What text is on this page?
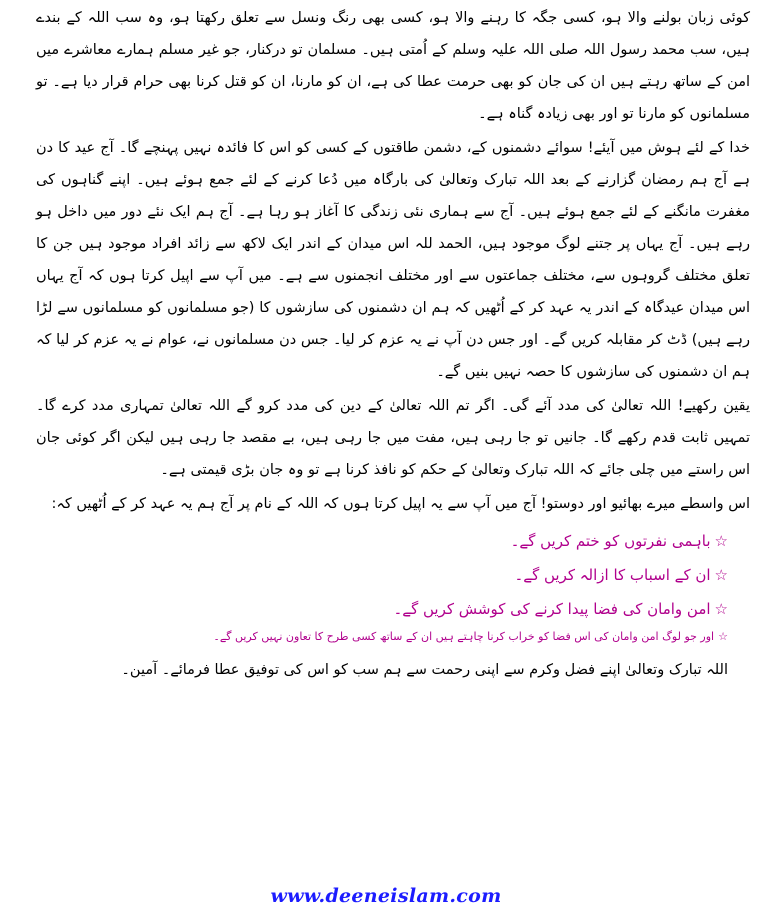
کوئی زبان بولنے والا ہو، کسی جگہ کا رہنے والا ہو، کسی بھی رنگ ونسل سے تعلق رکھتا ہو، وہ سب اللہ کے بندے ہیں، سب محمد رسول اللہ صلی اللہ علیہ وسلم کے اُمتی ہیں۔ مسلمان تو درکنار، جو غیر مسلم ہمارے معاشرے میں امن کے ساتھ رہتے ہیں ان کی جان کو بھی حرمت عطا کی ہے، ان کو مارنا، ان کو قتل کرنا بھی حرام قرار دیا ہے۔ تو مسلمانوں کو مارنا تو اور بھی زیادہ گناہ ہے۔

خدا کے لئے ہوش میں آیئے! سوائے دشمنوں کے، دشمن طاقتوں کے کسی کو اس کا فائدہ نہیں پہنچے گا۔ آج عید کا دن ہے آج ہم رمضان گزارنے کے بعد اللہ تبارک وتعالیٰ کی بارگاہ میں دُعا کرنے کے لئے جمع ہوئے ہیں۔ اپنے گناہوں کی مغفرت مانگنے کے لئے جمع ہوئے ہیں۔ آج سے ہماری نئی زندگی کا آغاز ہو رہا ہے۔ آج ہم ایک نئے دور میں داخل ہو رہے ہیں۔ آج یہاں پر جتنے لوگ موجود ہیں، الحمد للہ اس میدان کے اندر ایک لاکھ سے زائد افراد موجود ہیں جن کا تعلق مختلف گروہوں سے، مختلف جماعتوں سے اور مختلف انجمنوں سے ہے۔ میں آپ سے اپیل کرتا ہوں کہ آج یہاں اس میدان عیدگاہ کے اندر یہ عہد کر کے اُٹھیں کہ ہم ان دشمنوں کی سازشوں کا (جو مسلمانوں کو مسلمانوں سے لڑا رہے ہیں) ڈٹ کر مقابلہ کریں گے۔ اور جس دن آپ نے یہ عزم کر لیا۔ جس دن مسلمانوں نے، عوام نے یہ عزم کر لیا کہ ہم ان دشمنوں کی سازشوں کا حصہ نہیں بنیں گے۔

یقین رکھیے! اللہ تعالیٰ کی مدد آئے گی۔ اگر تم اللہ تعالیٰ کے دین کی مدد کرو گے اللہ تعالیٰ تمہاری مدد کرے گا۔ تمہیں ثابت قدم رکھے گا۔ جانیں تو جا رہی ہیں، مفت میں جا رہی ہیں، بے مقصد جا رہی ہیں لیکن اگر کوئی جان اس راستے میں چلی جائے کہ اللہ تبارک وتعالیٰ کے حکم کو نافذ کرنا ہے تو وہ جان بڑی قیمتی ہے۔

اس واسطے میرے بھائیو اور دوستو! آج میں آپ سے یہ اپیل کرتا ہوں کہ اللہ کے نام پر آج ہم یہ عہد کر کے اُٹھیں کہ:

☆
باہمی نفرتوں کو ختم کریں گے۔
☆
ان کے اسباب کا ازالہ کریں گے۔
☆
امن وامان کی فضا پیدا کرنے کی کوشش کریں گے۔
☆
اور جو لوگ امن وامان کی اس فضا کو خراب کرنا چاہتے ہیں ان کے ساتھ کسی طرح کا تعاون نہیں کریں گے۔

اللہ تبارک وتعالیٰ اپنے فضل وکرم سے اپنی رحمت سے ہم سب کو اس کی توفیق عطا فرمائے۔ آمین۔

www.deeneislam.com
